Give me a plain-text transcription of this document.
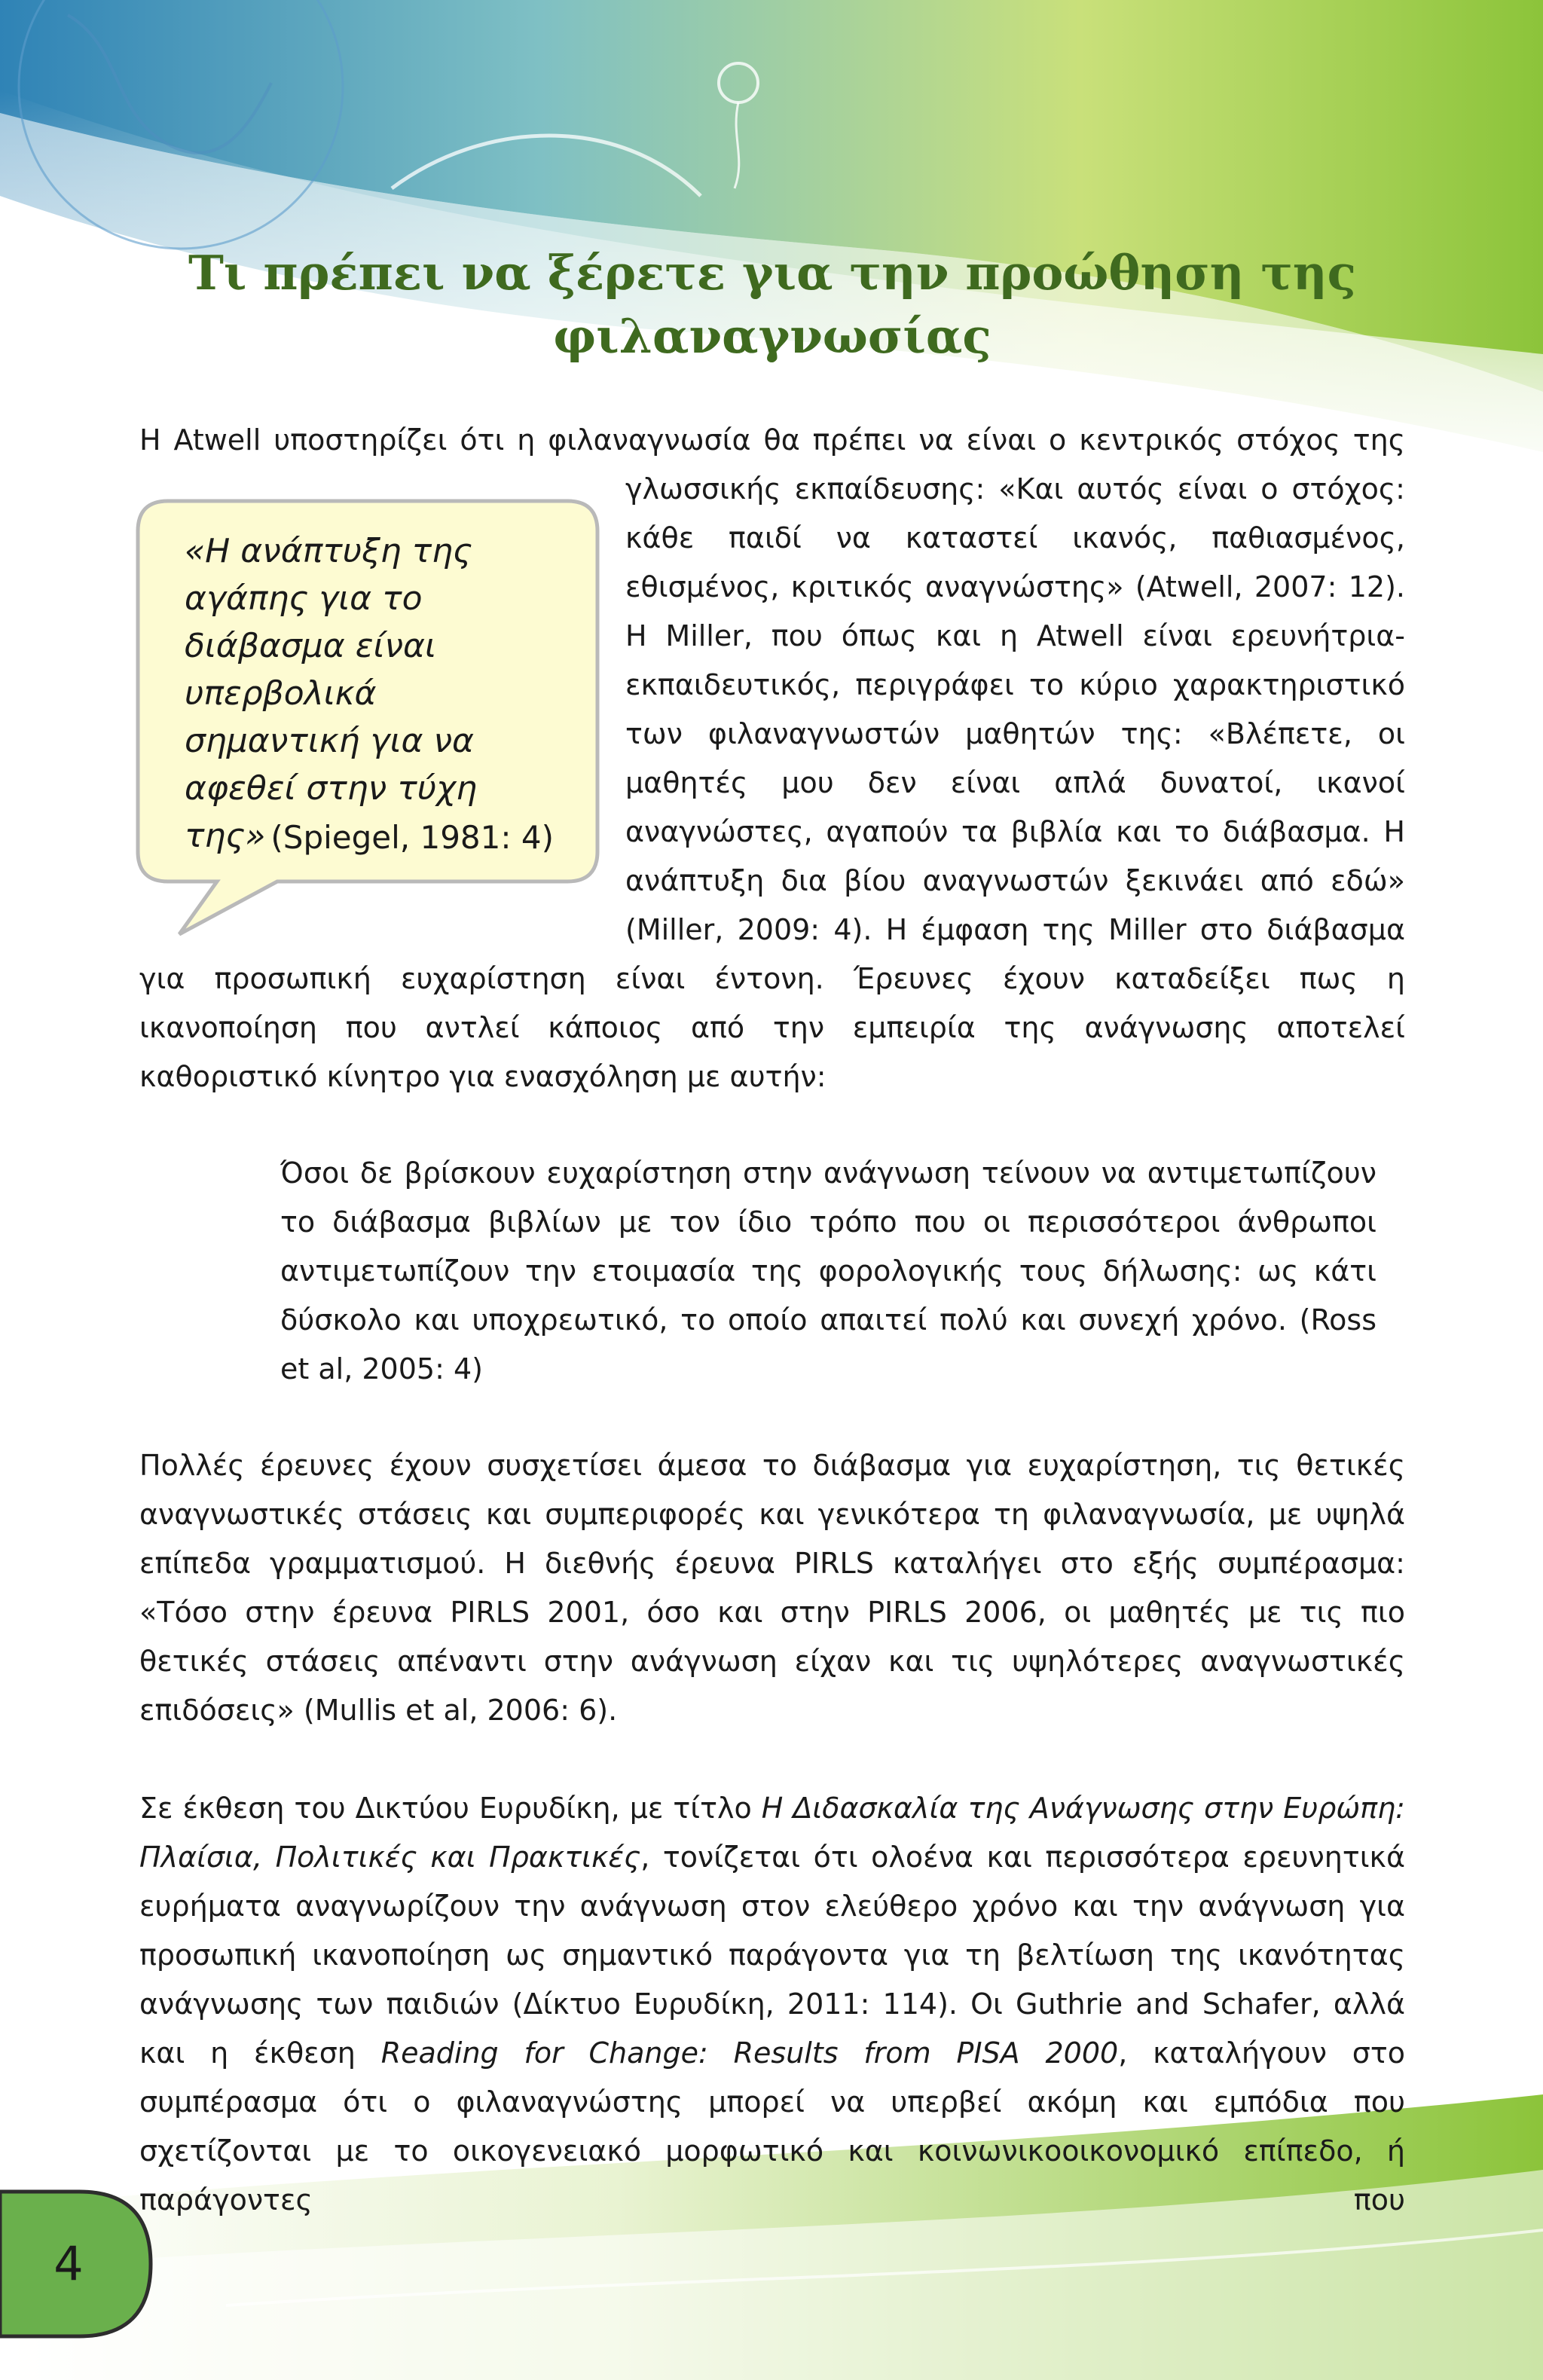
Τι πρέπει να ξέρετε για την προώθηση της φιλαναγνωσίας
Η Atwell υποστηρίζει ότι η φιλαναγνωσία θα πρέπει να είναι ο κεντρικός στόχος της γλωσσικής εκπαίδευσης: «Και αυτός είναι ο στόχος: κάθε παιδί να καταστεί ικανός, παθιασμένος, εθισμένος, κριτικός αναγνώστης» (Atwell, 2007: 12). Η Miller, που όπως και η Atwell είναι ερευνήτρια-εκπαιδευτικός, περιγράφει το κύριο χαρακτηριστικό των φιλαναγνωστών μαθητών της: «Βλέπετε, οι μαθητές μου δεν είναι απλά δυνατοί, ικανοί αναγνώστες, αγαπούν τα βιβλία και το διάβασμα. Η ανάπτυξη δια βίου αναγνωστών ξεκινάει από εδώ» (Miller, 2009: 4). Η έμφαση της Miller στο διάβασμα για προσωπική ευχαρίστηση είναι έντονη. Έρευνες έχουν καταδείξει πως η ικανοποίηση που αντλεί κάποιος από την εμπειρία της ανάγνωσης αποτελεί καθοριστικό κίνητρο για ενασχόληση με αυτήν:

«Η ανάπτυξη της αγάπης για το διάβασμα είναι υπερβολικά σημαντική για να αφεθεί στην τύχη της» (Spiegel, 1981: 4)

Όσοι δε βρίσκουν ευχαρίστηση στην ανάγνωση τείνουν να αντιμετωπίζουν το διάβασμα βιβλίων με τον ίδιο τρόπο που οι περισσότεροι άνθρωποι αντιμετωπίζουν την ετοιμασία της φορολογικής τους δήλωσης: ως κάτι δύσκολο και υποχρεωτικό, το οποίο απαιτεί πολύ και συνεχή χρόνο. (Ross et al, 2005: 4)

Πολλές έρευνες έχουν συσχετίσει άμεσα το διάβασμα για ευχαρίστηση, τις θετικές αναγνωστικές στάσεις και συμπεριφορές και γενικότερα τη φιλαναγνωσία, με υψηλά επίπεδα γραμματισμού. Η διεθνής έρευνα PIRLS καταλήγει στο εξής συμπέρασμα: «Τόσο στην έρευνα PIRLS 2001, όσο και στην PIRLS 2006, οι μαθητές με τις πιο θετικές στάσεις απέναντι στην ανάγνωση είχαν και τις υψηλότερες αναγνωστικές επιδόσεις» (Mullis et al, 2006: 6).

Σε έκθεση του Δικτύου Ευρυδίκη, με τίτλο Η Διδασκαλία της Ανάγνωσης στην Ευρώπη: Πλαίσια, Πολιτικές και Πρακτικές, τονίζεται ότι ολοένα και περισσότερα ερευνητικά ευρήματα αναγνωρίζουν την ανάγνωση στον ελεύθερο χρόνο και την ανάγνωση για προσωπική ικανοποίηση ως σημαντικό παράγοντα για τη βελτίωση της ικανότητας ανάγνωσης των παιδιών (Δίκτυο Ευρυδίκη, 2011: 114). Οι Guthrie and Schafer, αλλά και η έκθεση Reading for Change: Results from PISA 2000, καταλήγουν στο συμπέρασμα ότι ο φιλαναγνώστης μπορεί να υπερβεί ακόμη και εμπόδια που σχετίζονται με το οικογενειακό μορφωτικό και κοινωνικοοικονομικό επίπεδο, ή παράγοντες που

4
